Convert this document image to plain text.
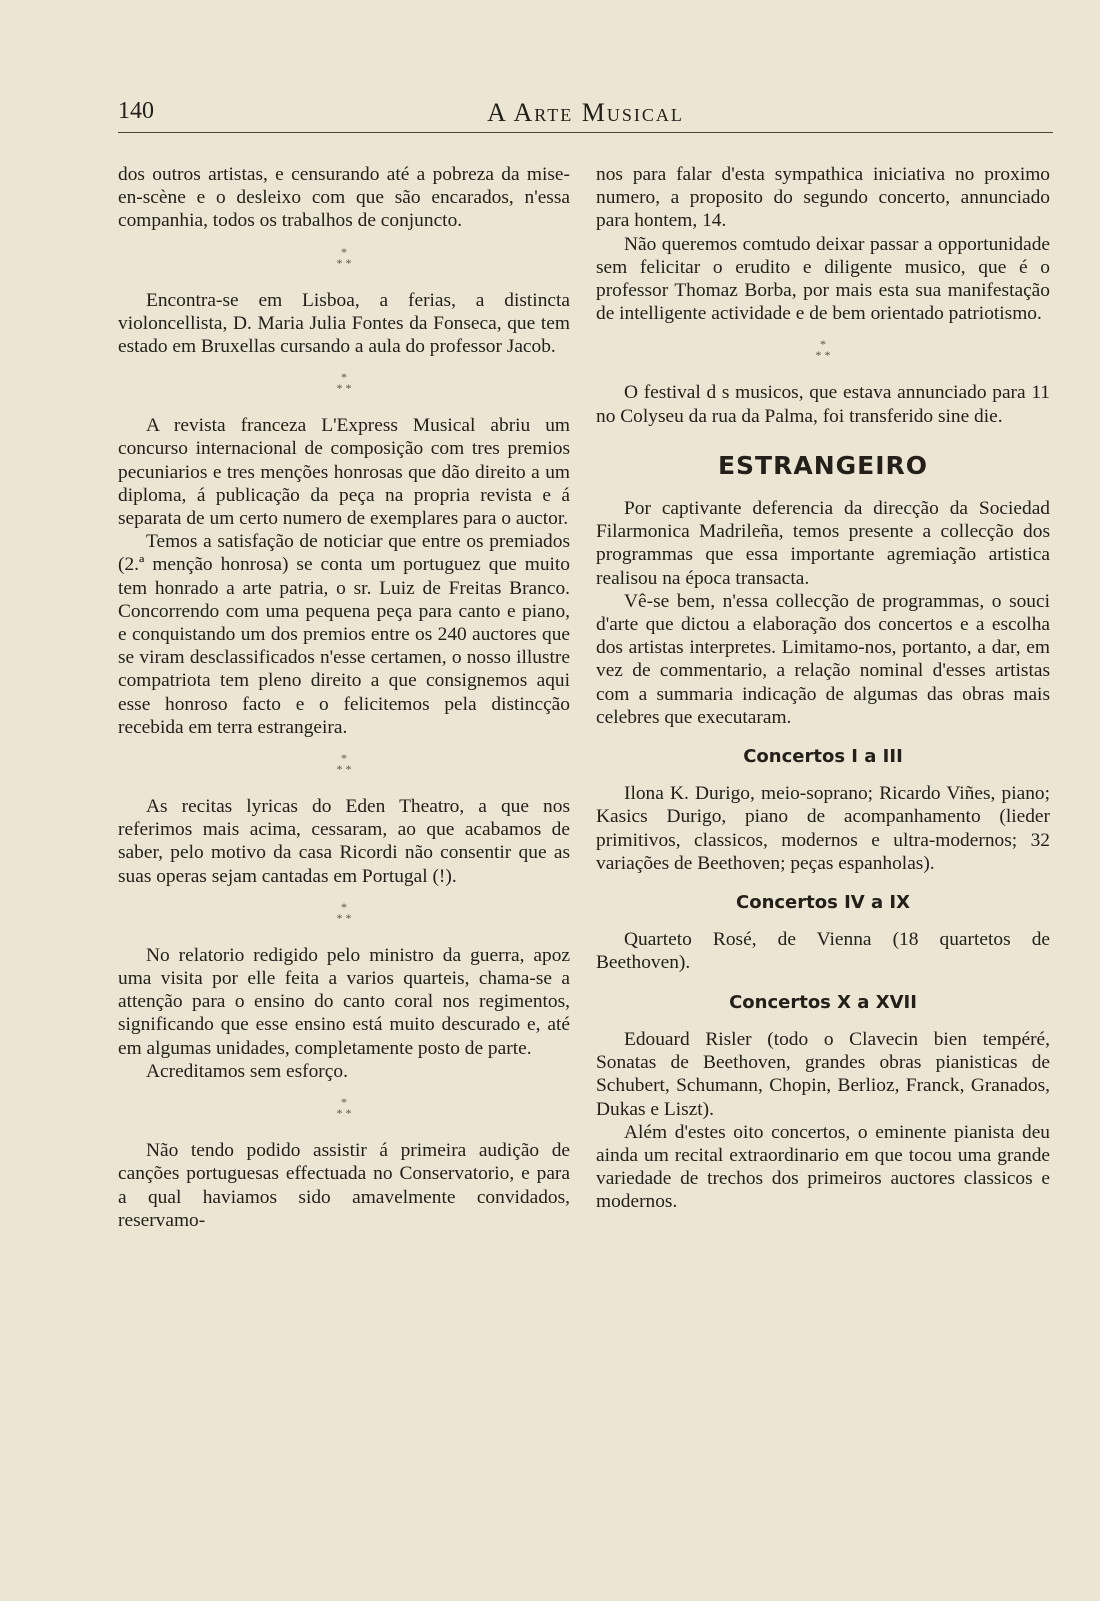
140	A Arte Musical

dos outros artistas, e censurando até a pobreza da mise-en-scène e o desleixo com que são encarados, n'essa companhia, todos os trabalhos de conjuncto.

*
* *

Encontra-se em Lisboa, a ferias, a distincta violoncellista, D. Maria Julia Fontes da Fonseca, que tem estado em Bruxellas cursando a aula do professor Jacob.

*
* *

A revista franceza L'Express Musical abriu um concurso internacional de composição com tres premios pecuniarios e tres menções honrosas que dão direito a um diploma, á publicação da peça na propria revista e á separata de um certo numero de exemplares para o auctor.

Temos a satisfação de noticiar que entre os premiados (2.ª menção honrosa) se conta um portuguez que muito tem honrado a arte patria, o sr. Luiz de Freitas Branco. Concorrendo com uma pequena peça para canto e piano, e conquistando um dos premios entre os 240 auctores que se viram desclassificados n'esse certamen, o nosso illustre compatriota tem pleno direito a que consignemos aqui esse honroso facto e o felicitemos pela distincção recebida em terra estrangeira.

*
* *

As recitas lyricas do Eden Theatro, a que nos referimos mais acima, cessaram, ao que acabamos de saber, pelo motivo da casa Ricordi não consentir que as suas operas sejam cantadas em Portugal (!).

*
* *

No relatorio redigido pelo ministro da guerra, apoz uma visita por elle feita a varios quarteis, chama-se a attenção para o ensino do canto coral nos regimentos, significando que esse ensino está muito descurado e, até em algumas unidades, completamente posto de parte.

Acreditamos sem esforço.

*
* *

Não tendo podido assistir á primeira audição de canções portuguesas effectuada no Conservatorio, e para a qual haviamos sido amavelmente convidados, reservamo-

nos para falar d'esta sympathica iniciativa no proximo numero, a proposito do segundo concerto, annunciado para hontem, 14.

Não queremos comtudo deixar passar a opportunidade sem felicitar o erudito e diligente musico, que é o professor Thomaz Borba, por mais esta sua manifestação de intelligente actividade e de bem orientado patriotismo.

*
* *

O festival d s musicos, que estava annunciado para 11 no Colyseu da rua da Palma, foi transferido sine die.

ESTRANGEIRO

Por captivante deferencia da direcção da Sociedad Filarmonica Madrileña, temos presente a collecção dos programmas que essa importante agremiação artistica realisou na época transacta.

Vê-se bem, n'essa collecção de programmas, o souci d'arte que dictou a elaboração dos concertos e a escolha dos artistas interpretes. Limitamo-nos, portanto, a dar, em vez de commentario, a relação nominal d'esses artistas com a summaria indicação de algumas das obras mais celebres que executaram.

Concertos I a III

Ilona K. Durigo, meio-soprano; Ricardo Viñes, piano; Kasics Durigo, piano de acompanhamento (lieder primitivos, classicos, modernos e ultra-modernos; 32 variações de Beethoven; peças espanholas).

Concertos IV a IX

Quarteto Rosé, de Vienna (18 quartetos de Beethoven).

Concertos X a XVII

Edouard Risler (todo o Clavecin bien tempéré, Sonatas de Beethoven, grandes obras pianisticas de Schubert, Schumann, Chopin, Berlioz, Franck, Granados, Dukas e Liszt).

Além d'estes oito concertos, o eminente pianista deu ainda um recital extraordinario em que tocou uma grande variedade de trechos dos primeiros auctores classicos e modernos.
